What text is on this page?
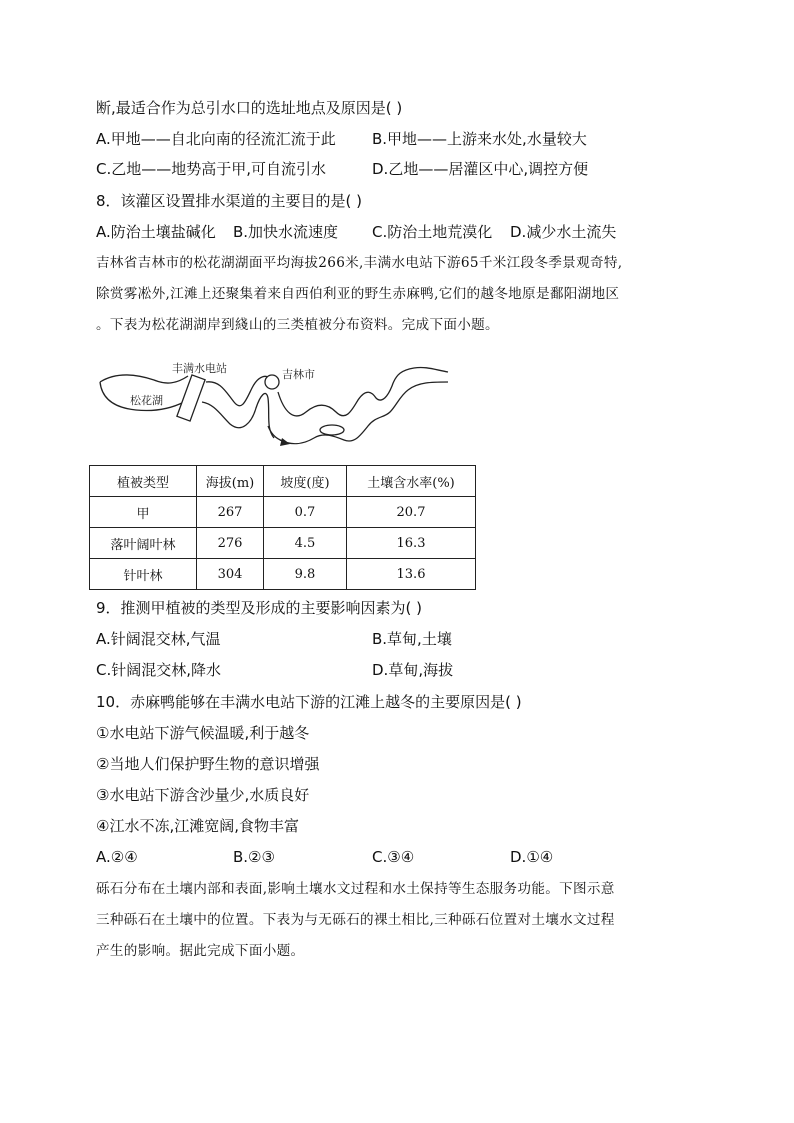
断,最适合作为总引水口的选址地点及原因是( )
A.甲地——自北向南的径流汇流于此 B.甲地——上游来水处,水量较大
C.乙地——地势高于甲,可自流引水	D.乙地——居灌区中心,调控方便
8．该灌区设置排水渠道的主要目的是( )
A.防治土壤盐碱化 B.加快水流速度 C.防治土地荒漠化 D.减少水土流失

吉林省吉林市的松花湖湖面平均海拔266米,丰满水电站下游65千米江段冬季景观奇特,

除赏雾凇外,江滩上还聚集着来自西伯利亚的野生赤麻鸭,它们的越冬地原是鄱阳湖地区

。下表为松花湖湖岸到綫山的三类植被分布资料。完成下面小题。

丰满水电站
松花湖
吉林市
植被类型	海拔(m)	坡度(度)	土壤含水率(%)
甲	267	0.7	20.7
落叶阔叶林	276	4.5	16.3
针叶林	304	9.8	13.6
9．推测甲植被的类型及形成的主要影响因素为( )
A.针阔混交林,气温	B.草甸,土壤
C.针阔混交林,降水	D.草甸,海拔
10．赤麻鸭能够在丰满水电站下游的江滩上越冬的主要原因是( )
①水电站下游气候温暖,利于越冬
②当地人们保护野生物的意识增强
③水电站下游含沙量少,水质良好
④江水不冻,江滩宽阔,食物丰富
A.②④	B.②③	C.③④	D.①④

砾石分布在土壤内部和表面,影响土壤水文过程和水土保持等生态服务功能。下图示意

三种砾石在土壤中的位置。下表为与无砾石的裸土相比,三种砾石位置对土壤水文过程

产生的影响。据此完成下面小题。
